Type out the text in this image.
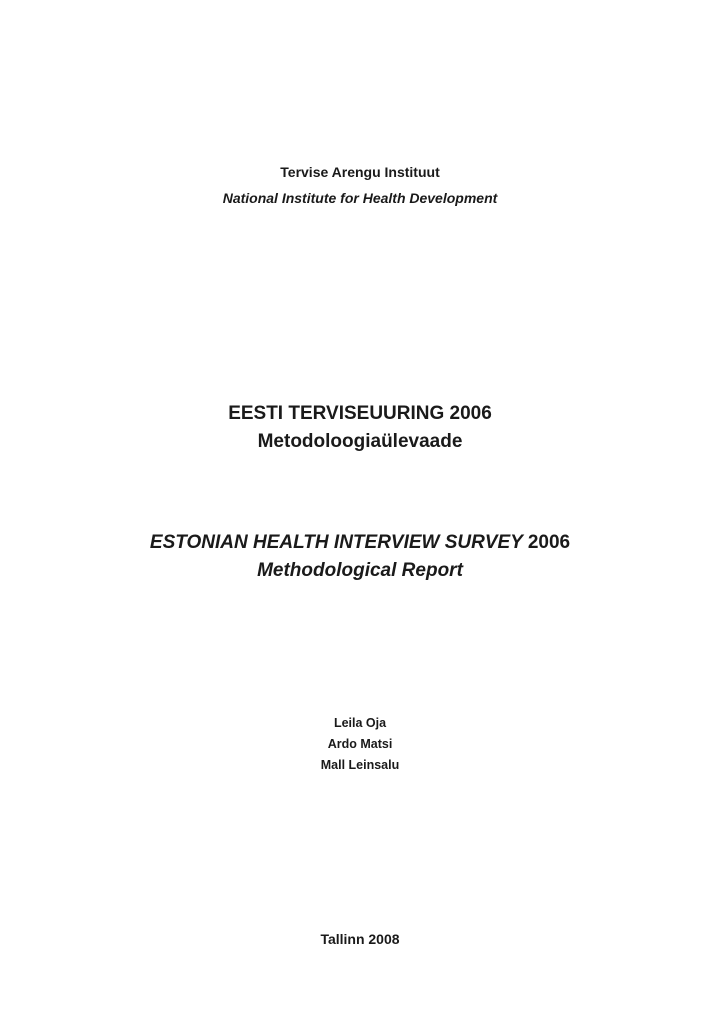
Tervise Arengu Instituut
National Institute for Health Development
EESTI TERVISEUURING 2006
Metodoloogiaülevaade
ESTONIAN HEALTH INTERVIEW SURVEY 2006
Methodological Report
Leila Oja
Ardo Matsi
Mall Leinsalu
Tallinn 2008
